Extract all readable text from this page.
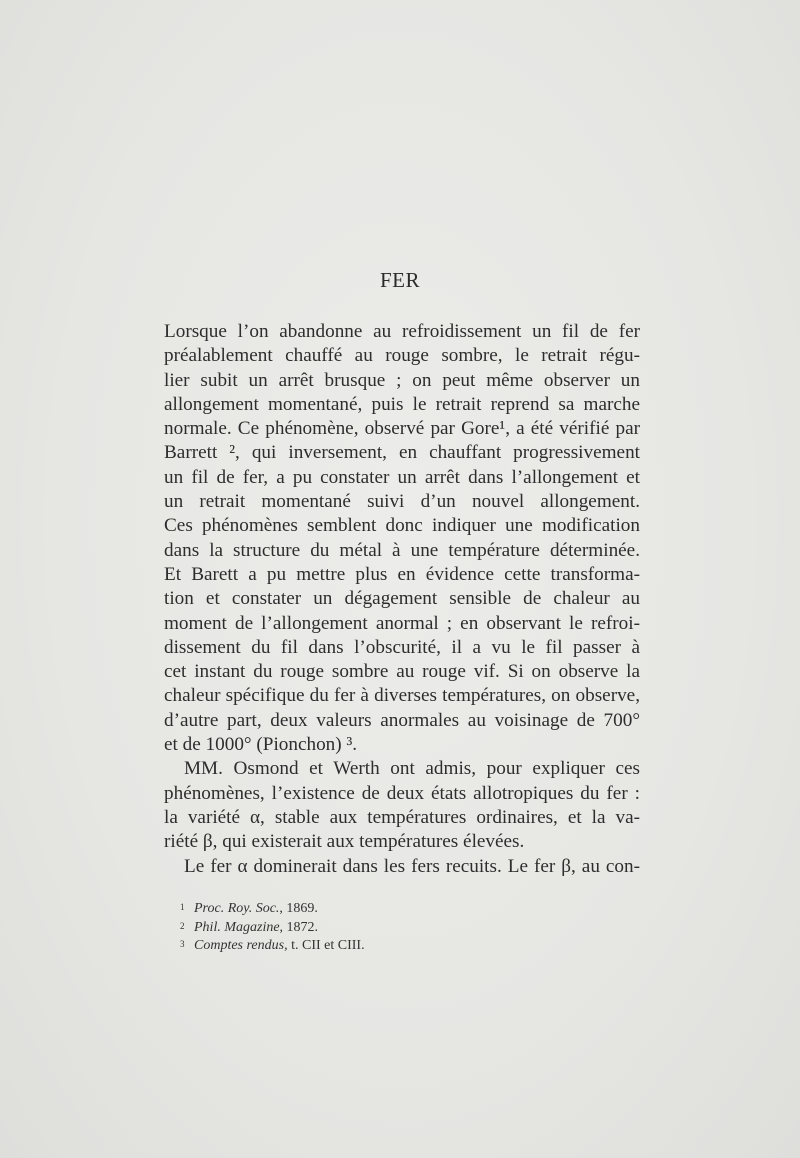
FER
Lorsque l’on abandonne au refroidissement un fil de fer
préalablement chauffé au rouge sombre, le retrait régu-
lier subit un arrêt brusque ; on peut même observer un
allongement momentané, puis le retrait reprend sa marche
normale. Ce phénomène, observé par Gore¹, a été vérifié par
Barrett ², qui inversement, en chauffant progressivement
un fil de fer, a pu constater un arrêt dans l’allongement et
un retrait momentané suivi d’un nouvel allongement.
Ces phénomènes semblent donc indiquer une modification
dans la structure du métal à une température déterminée.
Et Barett a pu mettre plus en évidence cette transforma-
tion et constater un dégagement sensible de chaleur au
moment de l’allongement anormal ; en observant le refroi-
dissement du fil dans l’obscurité, il a vu le fil passer à
cet instant du rouge sombre au rouge vif. Si on observe la
chaleur spécifique du fer à diverses températures, on observe,
d’autre part, deux valeurs anormales au voisinage de 700°
et de 1000° (Pionchon) ³.
MM. Osmond et Werth ont admis, pour expliquer ces
phénomènes, l’existence de deux états allotropiques du fer :
la variété α, stable aux températures ordinaires, et la va-
riété β, qui existerait aux températures élevées.
Le fer α dominerait dans les fers recuits. Le fer β, au con-
1 Proc. Roy. Soc., 1869.
2 Phil. Magazine, 1872.
3 Comptes rendus, t. CII et CIII.
